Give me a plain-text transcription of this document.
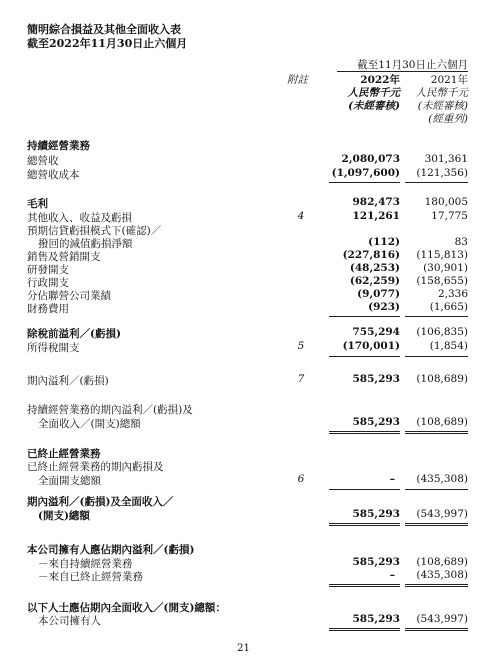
簡明綜合損益及其他全面收入表
截至2022年11月30日止六個月
截至11月30日止六個月
附註	2022年	2021年
人民幣千元 人民幣千元
(未經審核) (未經審核)
(經重列)
持續經營業務
總營收	2,080,073 301,361
總營收成本	(1,097,600) (121,356)
毛利	982,473 180,005
其他收入、收益及虧損	4	121,261	17,775
預期信貸虧損模式下(確認)／
撥回的減值虧損淨額	(112)	83
銷售及營銷開支	(227,816) (115,813)
研發開支	(48,253) (30,901)
行政開支	(62,259) (158,655)
分佔聯營公司業績	(9,077)	2,336
財務費用	(923)	(1,665)
除稅前溢利／(虧損)	755,294 (106,835)
所得稅開支	5	(170,001)	(1,854)
期內溢利／(虧損)	7	585,293 (108,689)
持續經營業務的期內溢利／(虧損)及
全面收入／(開支)總額	585,293 (108,689)
已終止經營業務
已終止經營業務的期內虧損及
全面開支總額	6	– (435,308)
期內溢利／(虧損)及全面收入／
(開支)總額	585,293 (543,997)
本公司擁有人應佔期內溢利／(虧損)
－來自持續經營業務	585,293 (108,689)
－來自已終止經營業務	– (435,308)
以下人士應佔期內全面收入／(開支)總額：
本公司擁有人	585,293 (543,997)
21
